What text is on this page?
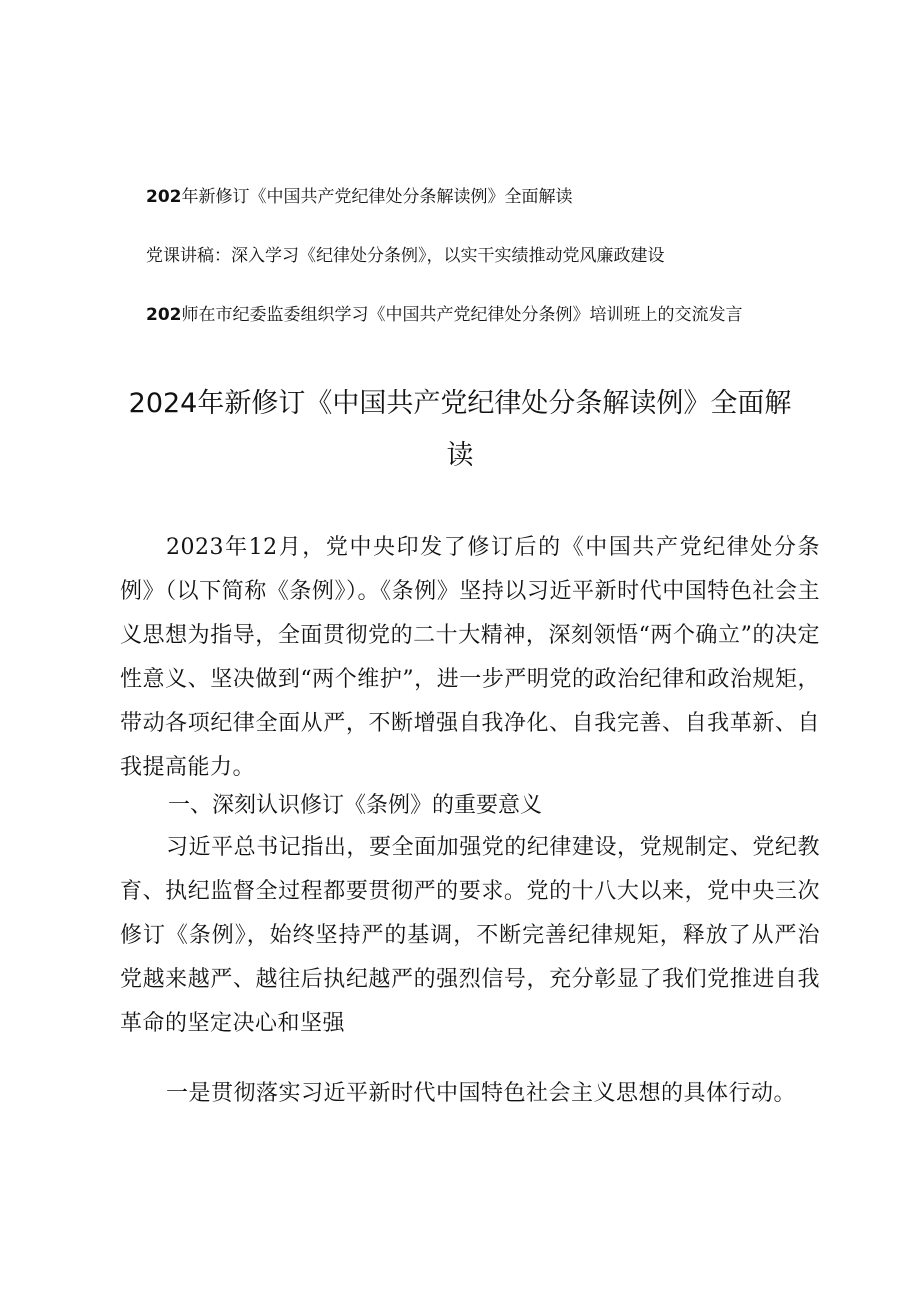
202年新修订《中国共产党纪律处分条解读例》全面解读
党课讲稿：深入学习《纪律处分条例》，以实干实绩推动党风廉政建设
202师在市纪委监委组织学习《中国共产党纪律处分条例》培训班上的交流发言
2024年新修订《中国共产党纪律处分条解读例》全面解
读
2023年12月，党中央印发了修订后的《中国共产党纪律处分条例》（以下简称《条例》）。《条例》坚持以习近平新时代中国特色社会主义思想为指导，全面贯彻党的二十大精神，深刻领悟“两个确立”的决定性意义、坚决做到“两个维护”，进一步严明党的政治纪律和政治规矩，带动各项纪律全面从严，不断增强自我净化、自我完善、自我革新、自我提高能力。
一、深刻认识修订《条例》的重要意义
习近平总书记指出，要全面加强党的纪律建设，党规制定、党纪教育、执纪监督全过程都要贯彻严的要求。党的十八大以来，党中央三次修订《条例》，始终坚持严的基调，不断完善纪律规矩，释放了从严治党越来越严、越往后执纪越严的强烈信号，充分彰显了我们党推进自我革命的坚定决心和坚强
一是贯彻落实习近平新时代中国特色社会主义思想的具体行动。
